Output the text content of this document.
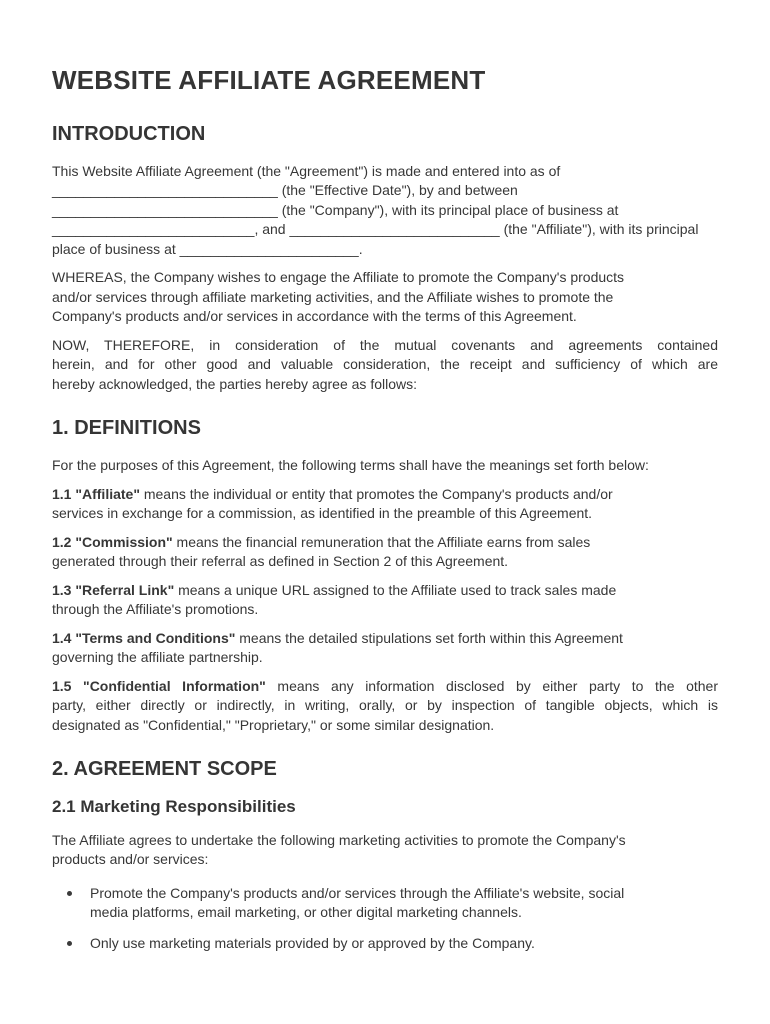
WEBSITE AFFILIATE AGREEMENT
INTRODUCTION
This Website Affiliate Agreement (the "Agreement") is made and entered into as of
_____________________________ (the "Effective Date"), by and between
_____________________________ (the "Company"), with its principal place of business at
__________________________, and ___________________________ (the "Affiliate"), with its principal
place of business at _______________________.
WHEREAS, the Company wishes to engage the Affiliate to promote the Company's products
and/or services through affiliate marketing activities, and the Affiliate wishes to promote the
Company's products and/or services in accordance with the terms of this Agreement.
NOW, THEREFORE, in consideration of the mutual covenants and agreements contained
herein, and for other good and valuable consideration, the receipt and sufficiency of which are
hereby acknowledged, the parties hereby agree as follows:
1. DEFINITIONS
For the purposes of this Agreement, the following terms shall have the meanings set forth below:
1.1 "Affiliate" means the individual or entity that promotes the Company's products and/or
services in exchange for a commission, as identified in the preamble of this Agreement.
1.2 "Commission" means the financial remuneration that the Affiliate earns from sales
generated through their referral as defined in Section 2 of this Agreement.
1.3 "Referral Link" means a unique URL assigned to the Affiliate used to track sales made
through the Affiliate's promotions.
1.4 "Terms and Conditions" means the detailed stipulations set forth within this Agreement
governing the affiliate partnership.
1.5 "Confidential Information" means any information disclosed by either party to the other
party, either directly or indirectly, in writing, orally, or by inspection of tangible objects, which is
designated as "Confidential," "Proprietary," or some similar designation.
2. AGREEMENT SCOPE
2.1 Marketing Responsibilities
The Affiliate agrees to undertake the following marketing activities to promote the Company's
products and/or services:
Promote the Company's products and/or services through the Affiliate's website, social
media platforms, email marketing, or other digital marketing channels.
Only use marketing materials provided by or approved by the Company.
